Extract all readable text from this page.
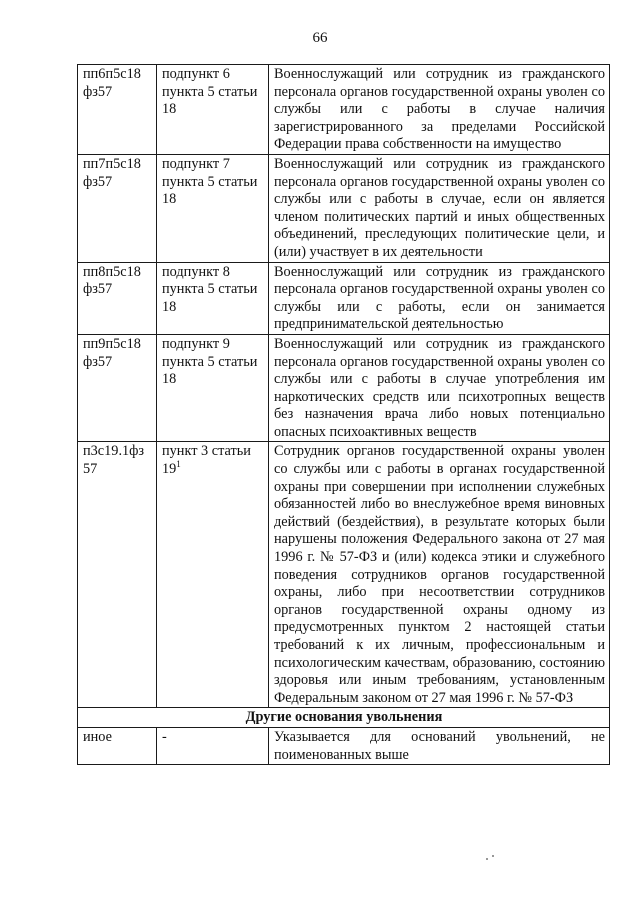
66
пп6п5с18 фз57	подпункт 6 пункта 5 статьи 18	Военнослужащий или сотрудник из гражданского персонала органов государственной охраны уволен со службы или с работы в случае наличия зарегистрированного за пределами Российской Федерации права собственности на имущество
пп7п5с18 фз57	подпункт 7 пункта 5 статьи 18	Военнослужащий или сотрудник из гражданского персонала органов государственной охраны уволен со службы или с работы в случае, если он является членом политических партий и иных общественных объединений, преследующих политические цели, и (или) участвует в их деятельности
пп8п5с18 фз57	подпункт 8 пункта 5 статьи 18	Военнослужащий или сотрудник из гражданского персонала органов государственной охраны уволен со службы или с работы, если он занимается предпринимательской деятельностью
пп9п5с18 фз57	подпункт 9 пункта 5 статьи 18	Военнослужащий или сотрудник из гражданского персонала органов государственной охраны уволен со службы или с работы в случае употребления им наркотических средств или психотропных веществ без назначения врача либо новых потенциально опасных психоактивных веществ
п3с19.1фз 57	пункт 3 статьи $19^1$	Сотрудник органов государственной охраны уволен со службы или с работы в органах государственной охраны при совершении при исполнении служебных обязанностей либо во внеслужебное время виновных действий (бездействия), в результате которых были нарушены положения Федерального закона от 27 мая 1996 г. № 57-ФЗ и (или) кодекса этики и служебного поведения сотрудников органов государственной охраны, либо при несоответствии сотрудников органов государственной охраны одному из предусмотренных пунктом 2 настоящей статьи требований к их личным, профессиональным и психологическим качествам, образованию, состоянию здоровья или иным требованиям, установленным Федеральным законом от 27 мая 1996 г. № 57-ФЗ
Другие основания увольнения		
иное	-	Указывается для оснований увольнений, не поименованных выше
